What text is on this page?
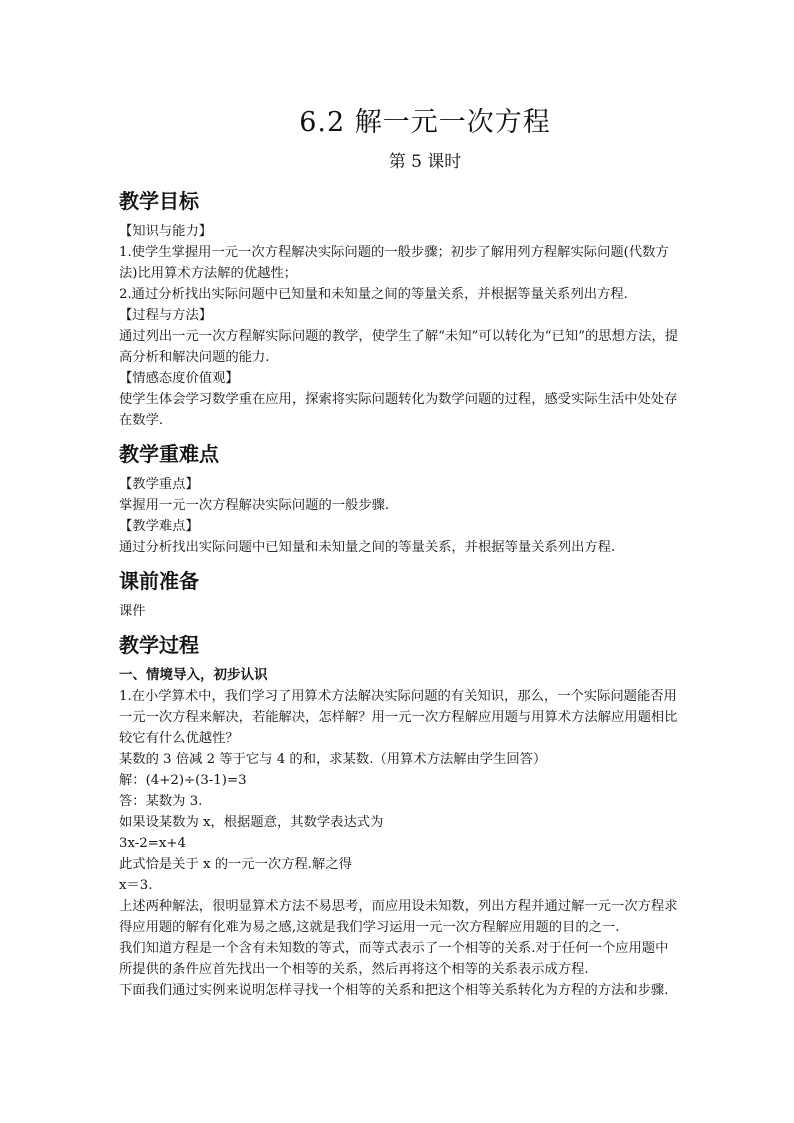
6.2 解一元一次方程
第 5 课时

教学目标

【知识与能力】

1.使学生掌握用一元一次方程解决实际问题的一般步骤；初步了解用列方程解实际问题(代数方法)比用算术方法解的优越性；

2.通过分析找出实际问题中已知量和未知量之间的等量关系，并根据等量关系列出方程.

【过程与方法】

通过列出一元一次方程解实际问题的教学，使学生了解“未知”可以转化为“已知”的思想方法，提高分析和解决问题的能力.

【情感态度价值观】

使学生体会学习数学重在应用，探索将实际问题转化为数学问题的过程，感受实际生活中处处存在数学.

教学重难点

【教学重点】

掌握用一元一次方程解决实际问题的一般步骤.

【教学难点】

通过分析找出实际问题中已知量和未知量之间的等量关系，并根据等量关系列出方程.

课前准备

课件

教学过程

一、情境导入，初步认识

1.在小学算术中，我们学习了用算术方法解决实际问题的有关知识，那么，一个实际问题能否用一元一次方程来解决，若能解决，怎样解？用一元一次方程解应用题与用算术方法解应用题相比较它有什么优越性？

某数的 3 倍减 2 等于它与 4 的和，求某数.（用算术方法解由学生回答）

解：(4+2)÷(3-1)=3

答：某数为 3.

如果设某数为 x，根据题意，其数学表达式为

3x-2=x+4

此式恰是关于 x 的一元一次方程.解之得

x＝3.

上述两种解法，很明显算术方法不易思考，而应用设未知数，列出方程并通过解一元一次方程求得应用题的解有化难为易之感,这就是我们学习运用一元一次方程解应用题的目的之一.

我们知道方程是一个含有未知数的等式，而等式表示了一个相等的关系.对于任何一个应用题中所提供的条件应首先找出一个相等的关系，然后再将这个相等的关系表示成方程.

下面我们通过实例来说明怎样寻找一个相等的关系和把这个相等关系转化为方程的方法和步骤.
